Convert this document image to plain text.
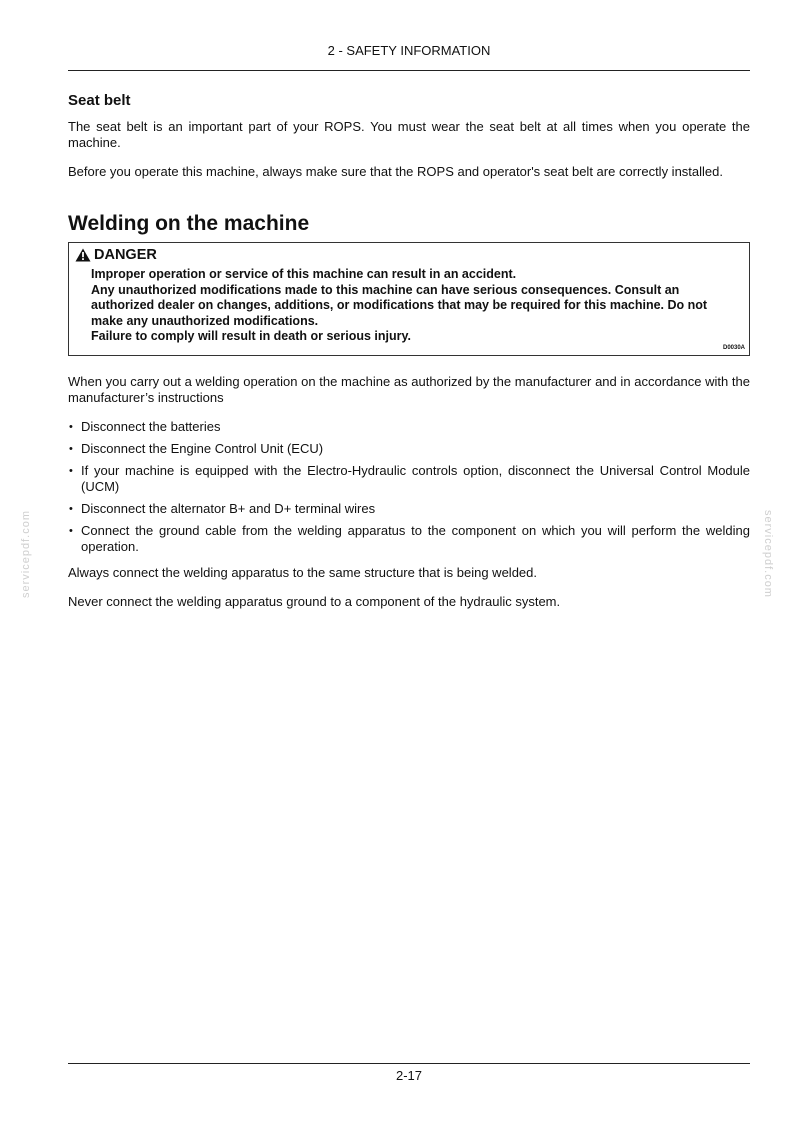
2 - SAFETY INFORMATION
servicepdf.com	servicepdf.com
Seat belt

The seat belt is an important part of your ROPS. You must wear the seat belt at all times when you operate the machine.

Before you operate this machine, always make sure that the ROPS and operator's seat belt are correctly installed.

Welding on the machine
DANGER
Improper operation or service of this machine can result in an accident.
Any unauthorized modifications made to this machine can have serious consequences. Consult an authorized dealer on changes, additions, or modifications that may be required for this machine. Do not make any unauthorized modifications.
Failure to comply will result in death or serious injury.
D0030A

When you carry out a welding operation on the machine as authorized by the manufacturer and in accordance with the manufacturer’s instructions

• Disconnect the batteries
• Disconnect the Engine Control Unit (ECU)
• If your machine is equipped with the Electro-Hydraulic controls option, disconnect the Universal Control Module (UCM)
• Disconnect the alternator B+ and D+ terminal wires
• Connect the ground cable from the welding apparatus to the component on which you will perform the welding operation.

Always connect the welding apparatus to the same structure that is being welded.

Never connect the welding apparatus ground to a component of the hydraulic system.

2-17
